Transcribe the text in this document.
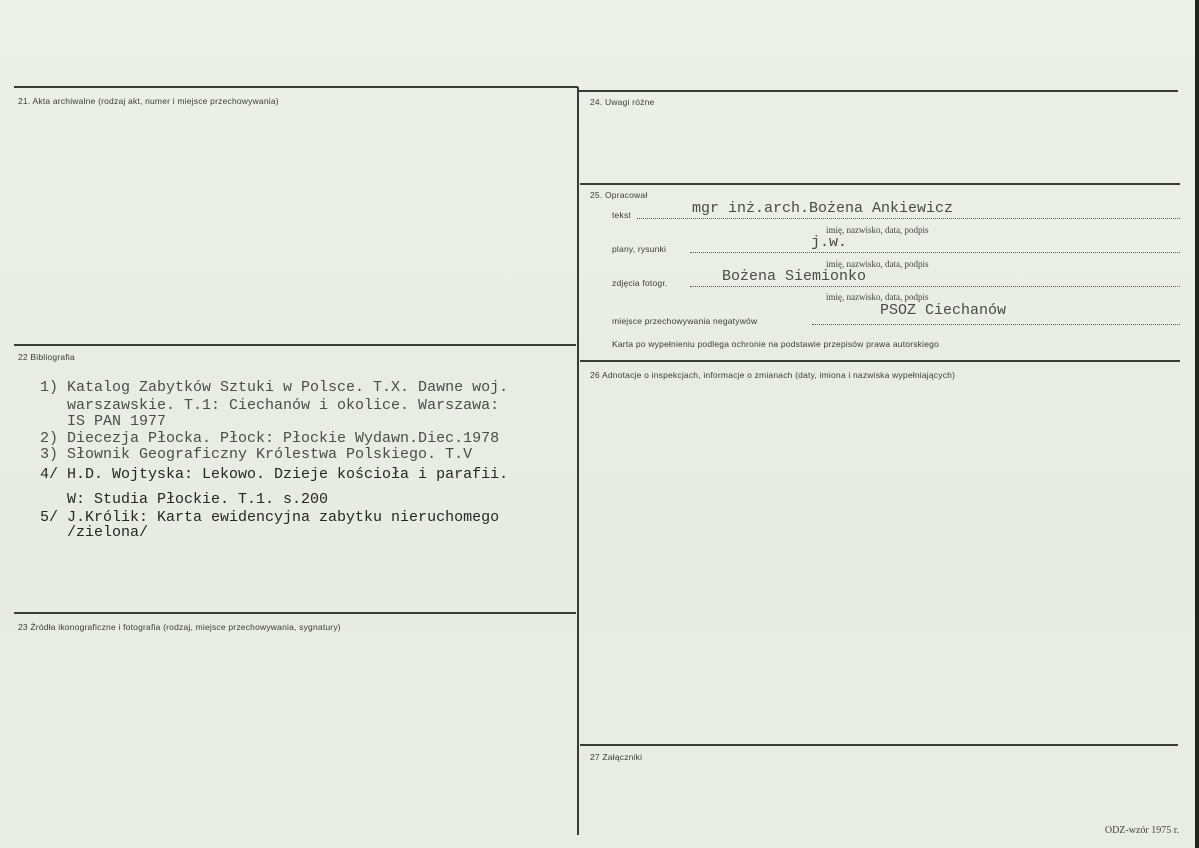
21. Akta archiwalne (rodzaj akt, numer i miejsce przechowywania)
22 Bibliografia
23 Źródła ikonograficzne i fotografia (rodzaj, miejsce przechowywania, sygnatury)
24. Uwagi różne
25. Opracował
26 Adnotacje o inspekcjach, informacje o zmianach (daty, imiona i nazwiska wypełniających)
27 Załączniki
tekst	mgr inż.arch.Bożena Ankiewicz
imię, nazwisko, data, podpis
plany, rysunki	j.w.
imię, nazwisko, data, podpis
zdjęcia fotogr.	Bożena Siemionko
imię, nazwisko, data, podpis
miejsce przechowywania negatywów
PSOZ Ciechanów
Karta po wypełnieniu podlega ochronie na podstawie przepisów prawa autorskiego
1) Katalog Zabytków Sztuki w Polsce. T.X. Dawne woj.
warszawskie. T.1: Ciechanów i okolice. Warszawa:
IS PAN 1977
2) Diecezja Płocka. Płock: Płockie Wydawn.Diec.1978
3) Słownik Geograficzny Królestwa Polskiego. T.V
4/ H.D. Wojtyska: Lekowo. Dzieje kościoła i parafii.
W: Studia Płockie. T.1. s.200
5/ J.Królik: Karta ewidencyjna zabytku nieruchomego
/zielona/
ODZ-wzór 1975 r.
